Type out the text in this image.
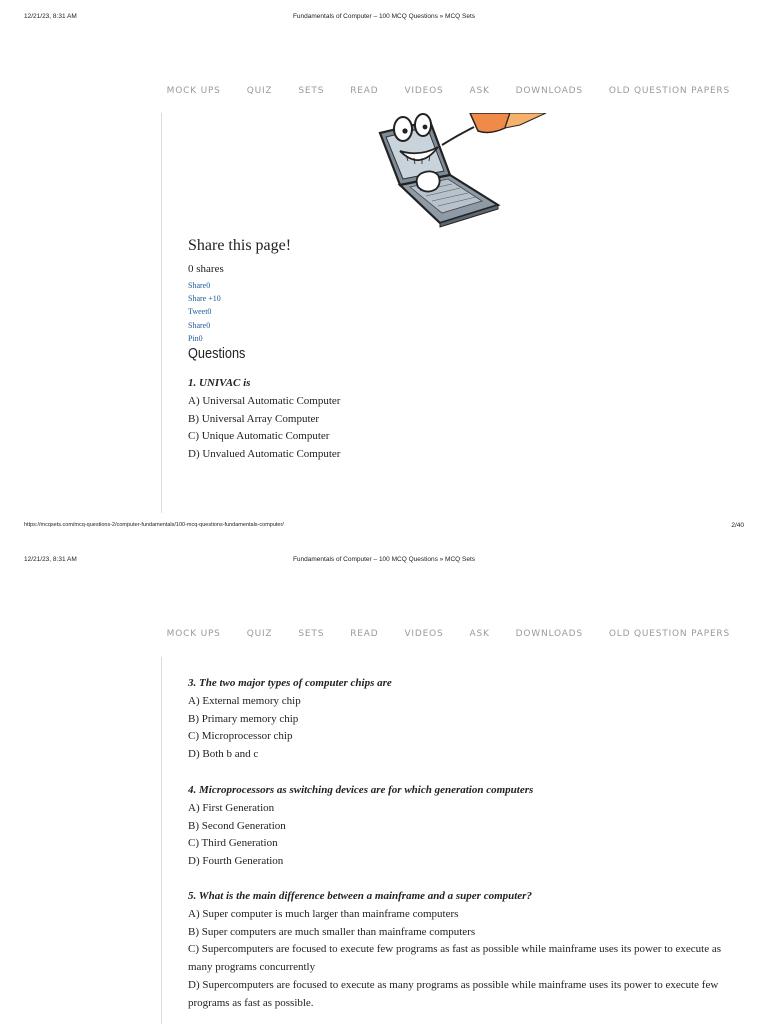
12/21/23, 8:31 AM	Fundamentals of Computer – 100 MCQ Questions » MCQ Sets
MOCK UPS	QUIZ	SETS	READ	VIDEOS	ASK	DOWNLOADS	OLD QUESTION PAPERS
Share this page!
0 shares
Share0
Share +10
Tweet0
Share0
Pin0
Questions
1. UNIVAC is
A) Universal Automatic Computer
B) Universal Array Computer
C) Unique Automatic Computer
D) Unvalued Automatic Computer
https://mcqsets.com/mcq-questions-2/computer-fundamentals/100-mcq-questions-fundamentals-computer/	2/40
12/21/23, 8:31 AM	Fundamentals of Computer – 100 MCQ Questions » MCQ Sets
MOCK UPS	QUIZ	SETS	READ	VIDEOS	ASK	DOWNLOADS	OLD QUESTION PAPERS
3. The two major types of computer chips are
A) External memory chip
B) Primary memory chip
C) Microprocessor chip
D) Both b and c
4. Microprocessors as switching devices are for which generation computers
A) First Generation
B) Second Generation
C) Third Generation
D) Fourth Generation
5. What is the main difference between a mainframe and a super computer?
A) Super computer is much larger than mainframe computers
B) Super computers are much smaller than mainframe computers
C) Supercomputers are focused to execute few programs as fast as possible while mainframe uses its power to execute as many programs concurrently
D) Supercomputers are focused to execute as many programs as possible while mainframe uses its power to execute few programs as fast as possible.
